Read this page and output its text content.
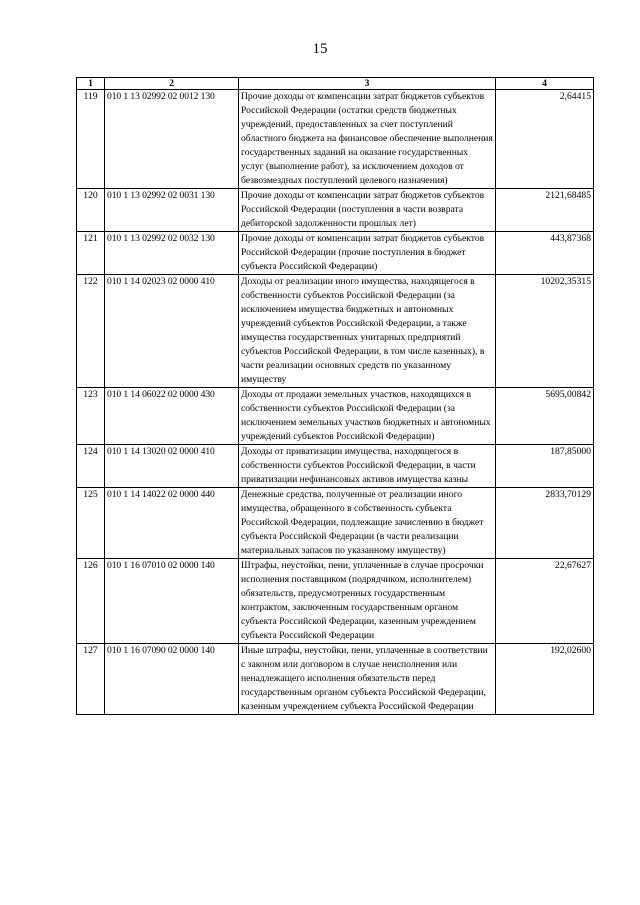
15
1	2	3	4
119	010 1 13 02992 02 0012 130	Прочие доходы от компенсации затрат бюджетов субъектов Российской Федерации (остатки средств бюджетных учреждений, предоставленных за счет поступлений областного бюджета на финансовое обеспечение выполнения государственных заданий на оказание государственных услуг (выполнение работ), за исключением доходов от безвозмездных поступлений целевого назначения)	2,64415
120	010 1 13 02992 02 0031 130	Прочие доходы от компенсации затрат бюджетов субъектов Российской Федерации (поступления в части возврата дебиторской задолженности прошлых лет)	2121,68485
121	010 1 13 02992 02 0032 130	Прочие доходы от компенсации затрат бюджетов субъектов Российской Федерации (прочие поступления в бюджет субъекта Российской Федерации)	443,87368
122	010 1 14 02023 02 0000 410	Доходы от реализации иного имущества, находящегося в собственности субъектов Российской Федерации (за исключением имущества бюджетных и автономных учреждений субъектов Российской Федерации, а также имущества государственных унитарных предприятий субъектов Российской Федерации, в том числе казенных), в части реализации основных средств по указанному имуществу	10202,35315
123	010 1 14 06022 02 0000 430	Доходы от продажи земельных участков, находящихся в собственности субъектов Российской Федерации (за исключением земельных участков бюджетных и автономных учреждений субъектов Российской Федерации)	5695,00842
124	010 1 14 13020 02 0000 410	Доходы от приватизации имущества, находящегося в собственности субъектов Российской Федерации, в части приватизации нефинансовых активов имущества казны	187,85000
125	010 1 14 14022 02 0000 440	Денежные средства, полученные от реализации иного имущества, обращенного в собственность субъекта Российской Федерации, подлежащие зачислению в бюджет субъекта Российской Федерации (в части реализации материальных запасов по указанному имуществу)	2833,70129
126	010 1 16 07010 02 0000 140	Штрафы, неустойки, пени, уплаченные в случае просрочки исполнения поставщиком (подрядчиком, исполнителем) обязательств, предусмотренных государственным контрактом, заключенным государственным органом субъекта Российской Федерации, казенным учреждением субъекта Российской Федерации	22,67627
127	010 1 16 07090 02 0000 140	Иные штрафы, неустойки, пени, уплаченные в соответствии с законом или договором в случае неисполнения или ненадлежащего исполнения обязательств перед государственным органом субъекта Российской Федерации, казенным учреждением субъекта Российской Федерации	192,02600
